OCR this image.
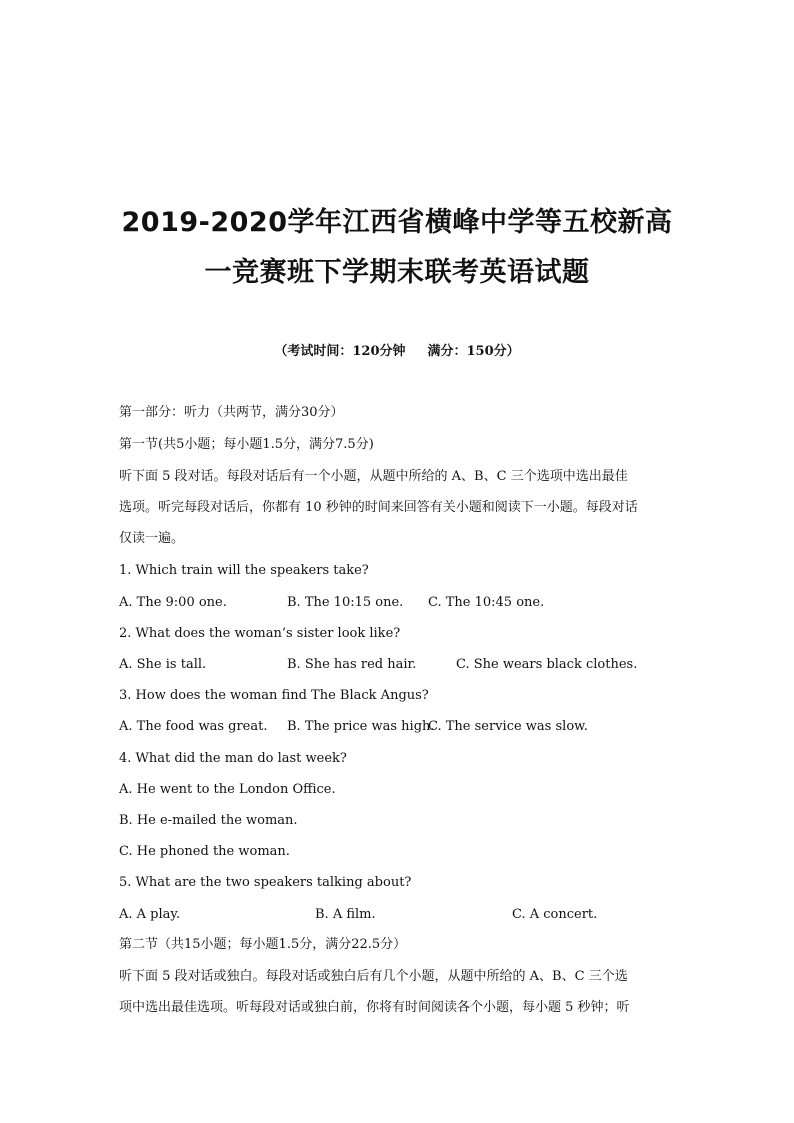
2019-2020学年江西省横峰中学等五校新高
一竞赛班下学期末联考英语试题
（考试时间：120分钟 满分：150分）
第一部分：听力（共两节，满分30分）
第一节(共5小题；每小题1.5分，满分7.5分)
听下面 5 段对话。每段对话后有一个小题，从题中所给的 A、B、C 三个选项中选出最佳
选项。听完每段对话后，你都有 10 秒钟的时间来回答有关小题和阅读下一小题。每段对话
仅读一遍。
1. Which train will the speakers take?
A. The 9:00 one.	B. The 10:15 one. C. The 10:45 one.
2. What does the woman’s sister look like?
A. She is tall.	B. She has red hair.	C. She wears black clothes.
3. How does the woman find The Black Angus?
A. The food was great. B. The price was high.
C. The service was slow.
4. What did the man do last week?
A. He went to the London Office.
B. He e-mailed the woman.
C. He phoned the woman.
5. What are the two speakers talking about?
A. A play.	B. A film.	C. A concert.
第二节（共15小题；每小题1.5分，满分22.5分）
听下面 5 段对话或独白。每段对话或独白后有几个小题，从题中所给的 A、B、C 三个选
项中选出最佳选项。听每段对话或独白前，你将有时间阅读各个小题，每小题 5 秒钟；听
